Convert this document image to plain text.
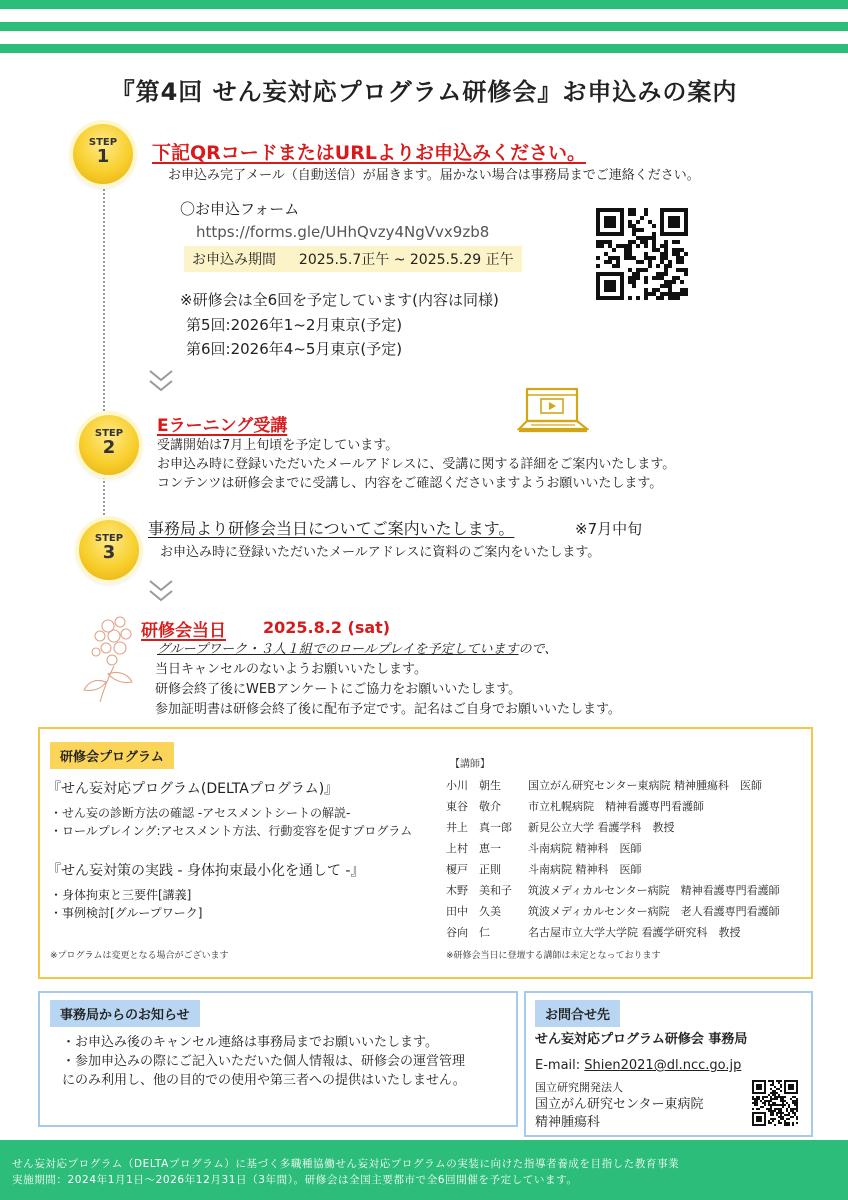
『第4回 せん妄対応プログラム研修会』お申込みの案内
STEP
1	下記QRコードまたはURLよりお申込みください。
お申込み完了メール（自動送信）が届きます。届かない場合は事務局までご連絡ください。
〇お申込フォーム
https://forms.gle/UHhQvzy4NgVvx9zb8
お申込み期間 2025.5.7正午 ~ 2025.5.29 正午
※研修会は全6回を予定しています(内容は同様)
第5回:2026年1~2月東京(予定)
第6回:2026年4~5月東京(予定)
STEP
2
Eラーニング受講
受講開始は7月上旬頃を予定しています。
お申込み時に登録いただいたメールアドレスに、受講に関する詳細をご案内いたします。
コンテンツは研修会までに受講し、内容をご確認くださいますようお願いいたします。
STEP
3
事務局より研修会当日についてご案内いたします。	※7月中旬
お申込み時に登録いただいたメールアドレスに資料のご案内をいたします。
研修会当日 2025.8.2 (sat)
グループワーク・３人１組でのロールプレイを予定していますので、
当日キャンセルのないようお願いいたします。
研修会終了後にWEBアンケートにご協力をお願いいたします。
参加証明書は研修会終了後に配布予定です。記名はご自身でお願いいたします。
研修会プログラム
『せん妄対応プログラム(DELTAプログラム)』
・せん妄の診断方法の確認 -アセスメントシートの解説-
・ロールプレイング:アセスメント方法、行動変容を促すプログラム
『せん妄対策の実践 - 身体拘束最小化を通して -』
・身体拘束と三要件[講義]
・事例検討[グループワーク]
※プログラムは変更となる場合がございます
【講師】
小川　朝生 国立がん研究センター東病院 精神腫瘍科　医師
東谷　敬介 市立札幌病院　精神看護専門看護師
井上　真一郎 新見公立大学 看護学科　教授
上村　恵一 斗南病院 精神科　医師
榎戸　正則 斗南病院 精神科　医師
木野　美和子 筑波メディカルセンター病院　精神看護専門看護師
田中　久美 筑波メディカルセンター病院　老人看護専門看護師
谷向　仁	名古屋市立大学大学院 看護学研究科　教授
※研修会当日に登壇する講師は未定となっております
事務局からのお知らせ
・お申込み後のキャンセル連絡は事務局までお願いいたします。
・参加申込みの際にご記入いただいた個人情報は、研修会の運営管理
にのみ利用し、他の目的での使用や第三者への提供はいたしません。
お問合せ先
せん妄対応プログラム研修会 事務局
E-mail: Shien2021@dl.ncc.go.jp
国立研究開発法人
国立がん研究センター東病院
精神腫瘍科
せん妄対応プログラム（DELTAプログラム）に基づく多職種協働せん妄対応プログラムの実装に向けた指導者養成を目指した教育事業
実施期間：2024年1月1日～2026年12月31日（3年間）。研修会は全国主要都市で全6回開催を予定しています。
